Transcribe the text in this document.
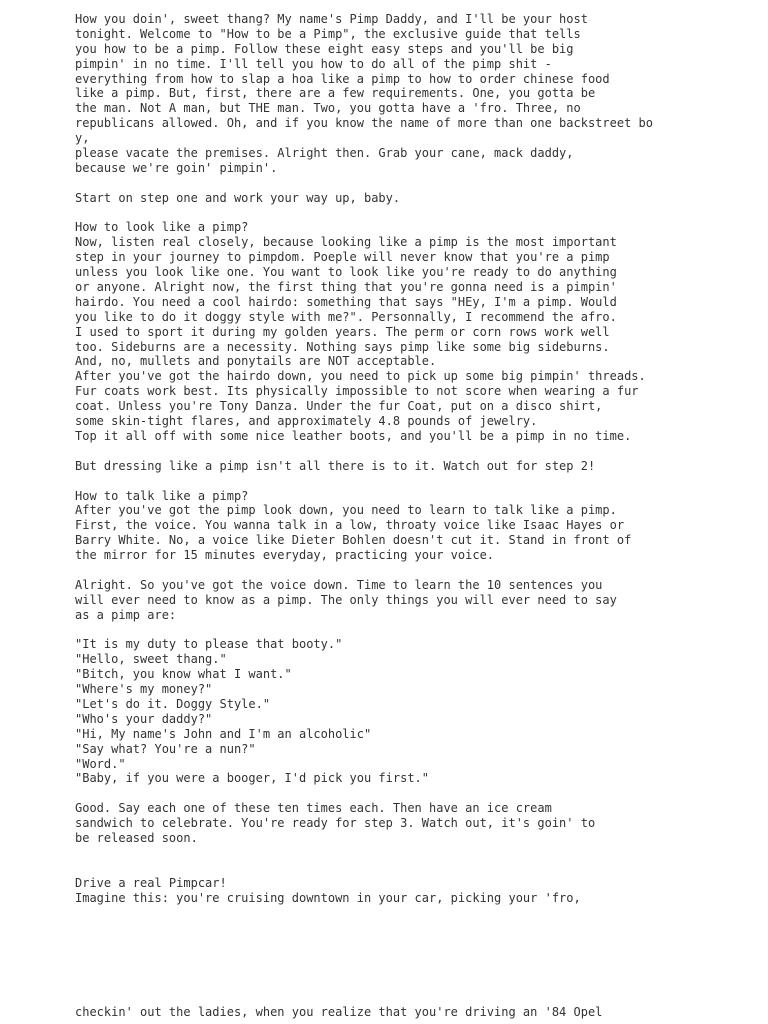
How you doin', sweet thang? My name's Pimp Daddy, and I'll be your host
tonight. Welcome to "How to be a Pimp", the exclusive guide that tells
you how to be a pimp. Follow these eight easy steps and you'll be big
pimpin' in no time. I'll tell you how to do all of the pimp shit -
everything from how to slap a hoa like a pimp to how to order chinese food
like a pimp. But, first, there are a few requirements. One, you gotta be
the man. Not A man, but THE man. Two, you gotta have a 'fro. Three, no
republicans allowed. Oh, and if you know the name of more than one backstreet bo
y,
please vacate the premises. Alright then. Grab your cane, mack daddy,
because we're goin' pimpin'.
Start on step one and work your way up, baby.
How to look like a pimp?
Now, listen real closely, because looking like a pimp is the most important
step in your journey to pimpdom. Poeple will never know that you're a pimp
unless you look like one. You want to look like you're ready to do anything
or anyone. Alright now, the first thing that you're gonna need is a pimpin'
hairdo. You need a cool hairdo: something that says "HEy, I'm a pimp. Would
you like to do it doggy style with me?". Personnally, I recommend the afro.
I used to sport it during my golden years. The perm or corn rows work well
too. Sideburns are a necessity. Nothing says pimp like some big sideburns.
And, no, mullets and ponytails are NOT acceptable.
After you've got the hairdo down, you need to pick up some big pimpin' threads.
Fur coats work best. Its physically impossible to not score when wearing a fur
coat. Unless you're Tony Danza. Under the fur Coat, put on a disco shirt,
some skin-tight flares, and approximately 4.8 pounds of jewelry.
Top it all off with some nice leather boots, and you'll be a pimp in no time.
But dressing like a pimp isn't all there is to it. Watch out for step 2!
How to talk like a pimp?
After you've got the pimp look down, you need to learn to talk like a pimp.
First, the voice. You wanna talk in a low, throaty voice like Isaac Hayes or
Barry White. No, a voice like Dieter Bohlen doesn't cut it. Stand in front of
the mirror for 15 minutes everyday, practicing your voice.
Alright. So you've got the voice down. Time to learn the 10 sentences you
will ever need to know as a pimp. The only things you will ever need to say
as a pimp are:
"It is my duty to please that booty."
"Hello, sweet thang."
"Bitch, you know what I want."
"Where's my money?"
"Let's do it. Doggy Style."
"Who's your daddy?"
"Hi, My name's John and I'm an alcoholic"
"Say what? You're a nun?"
"Word."
"Baby, if you were a booger, I'd pick you first."
Good. Say each one of these ten times each. Then have an ice cream
sandwich to celebrate. You're ready for step 3. Watch out, it's goin' to
be released soon.
Drive a real Pimpcar!
Imagine this: you're cruising downtown in your car, picking your 'fro,
checkin' out the ladies, when you realize that you're driving an '84 Opel
